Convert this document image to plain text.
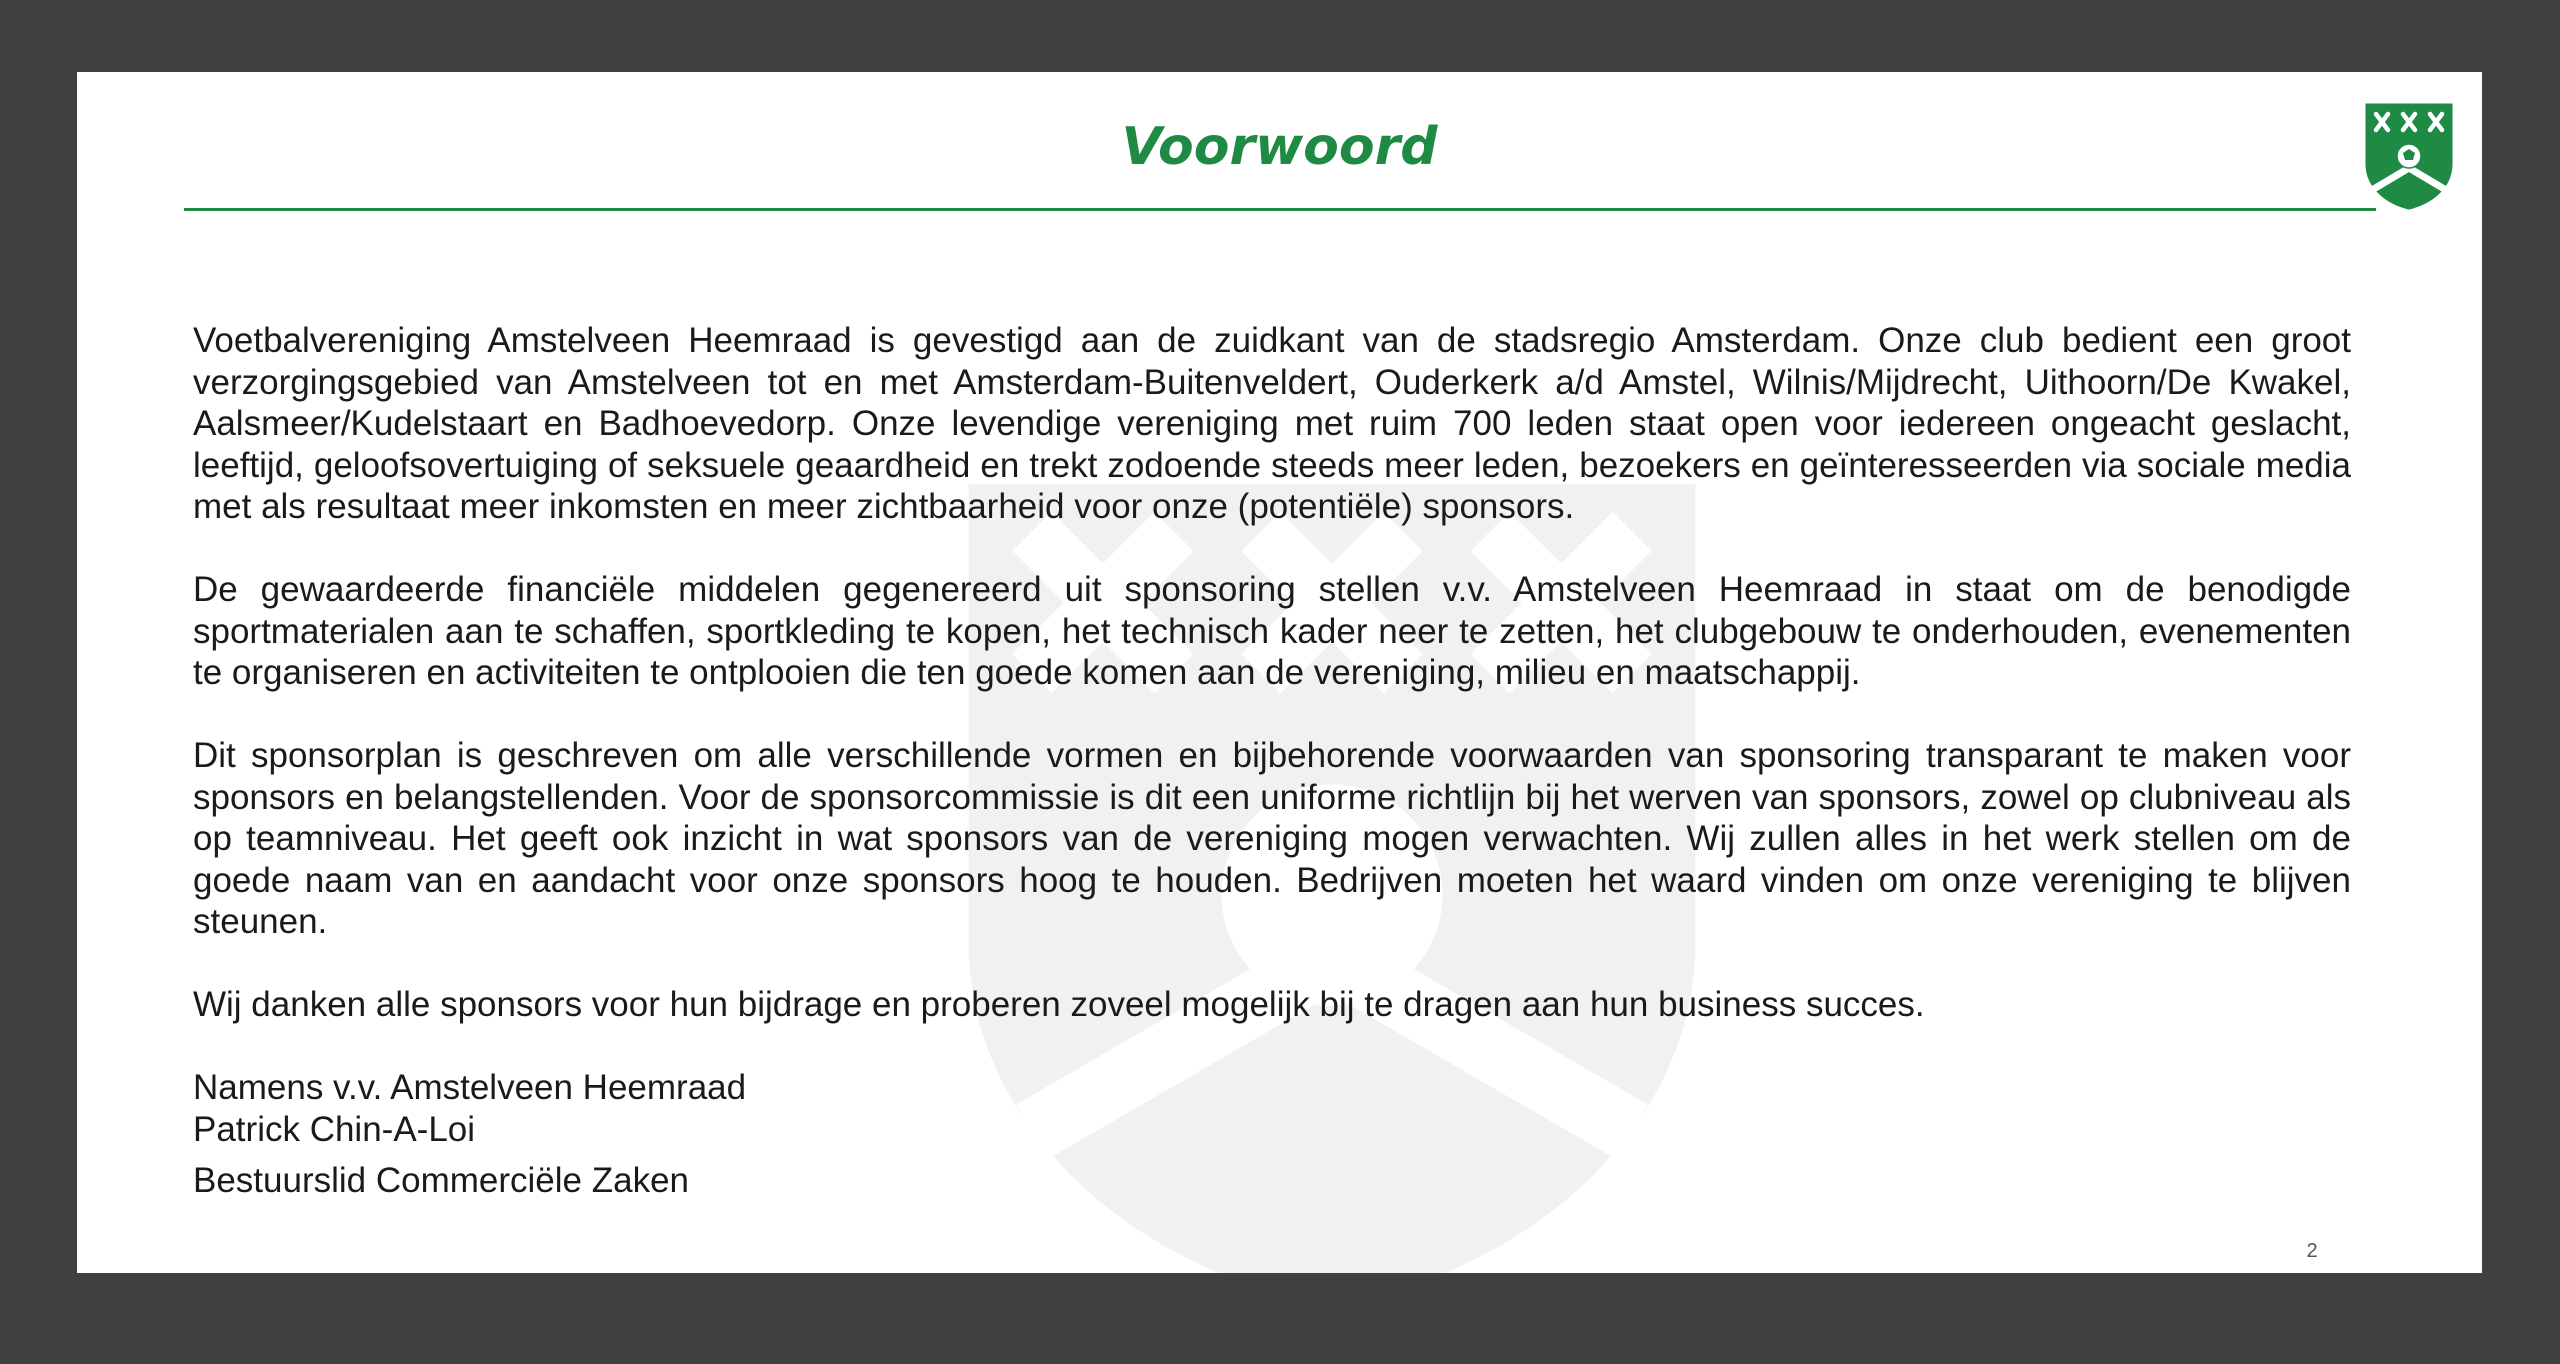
Voorwoord

Voetbalvereniging Amstelveen Heemraad is gevestigd aan de zuidkant van de stadsregio Amsterdam. Onze club bedient een groot verzorgingsgebied van Amstelveen tot en met Amsterdam-Buitenveldert, Ouderkerk a/d Amstel, Wilnis/Mijdrecht, Uithoorn/De Kwakel, Aalsmeer/Kudelstaart en Badhoevedorp. Onze levendige vereniging met ruim 700 leden staat open voor iedereen ongeacht geslacht, leeftijd, geloofsovertuiging of seksuele geaardheid en trekt zodoende steeds meer leden, bezoekers en geïnteresseerden via sociale media met als resultaat meer inkomsten en meer zichtbaarheid voor onze (potentiële) sponsors.

De gewaardeerde financiële middelen gegenereerd uit sponsoring stellen v.v. Amstelveen Heemraad in staat om de benodigde sportmaterialen aan te schaffen, sportkleding te kopen, het technisch kader neer te zetten, het clubgebouw te onderhouden, evenementen te organiseren en activiteiten te ontplooien die ten goede komen aan de vereniging, milieu en maatschappij.

Dit sponsorplan is geschreven om alle verschillende vormen en bijbehorende voorwaarden van sponsoring transparant te maken voor sponsors en belangstellenden. Voor de sponsorcommissie is dit een uniforme richtlijn bij het werven van sponsors, zowel op clubniveau als op teamniveau. Het geeft ook inzicht in wat sponsors van de vereniging mogen verwachten. Wij zullen alles in het werk stellen om de goede naam van en aandacht voor onze sponsors hoog te houden. Bedrijven moeten het waard vinden om onze vereniging te blijven steunen.

Wij danken alle sponsors voor hun bijdrage en proberen zoveel mogelijk bij te dragen aan hun business succes.

Namens v.v. Amstelveen Heemraad
Patrick Chin-A-Loi
Bestuurslid Commerciële Zaken
2
